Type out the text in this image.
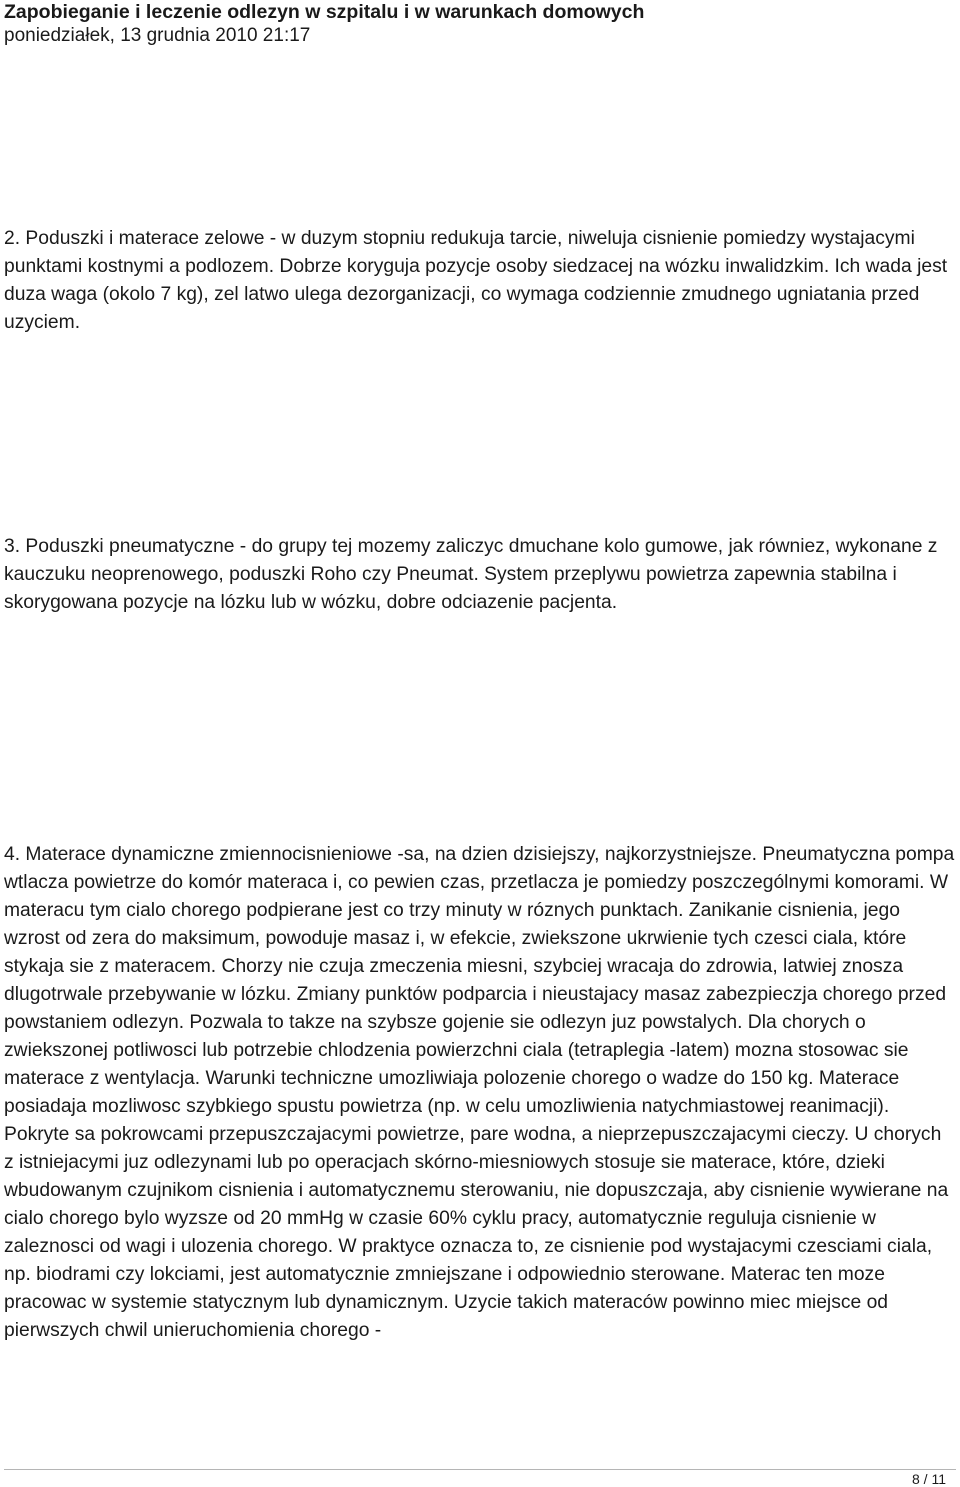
Zapobieganie i leczenie odlezyn w szpitalu i w warunkach domowych

poniedziałek, 13 grudnia 2010 21:17

2. Poduszki i materace zelowe - w duzym stopniu redukuja tarcie, niweluja cisnienie pomiedzy wystajacymi punktami kostnymi a podlozem. Dobrze koryguja pozycje osoby siedzacej na wózku inwalidzkim. Ich wada jest duza waga (okolo 7 kg), zel latwo ulega dezorganizacji, co wymaga codziennie zmudnego ugniatania przed uzyciem.

3. Poduszki pneumatyczne - do grupy tej mozemy zaliczyc dmuchane kolo gumowe, jak równiez, wykonane z kauczuku neoprenowego, poduszki Roho czy Pneumat. System przeplywu powietrza zapewnia stabilna i skorygowana pozycje na lózku lub w wózku, dobre odciazenie pacjenta.

4. Materace dynamiczne zmiennocisnieniowe -sa, na dzien dzisiejszy, najkorzystniejsze. Pneumatyczna pompa wtlacza powietrze do komór materaca i, co pewien czas, przetlacza je pomiedzy poszczególnymi komorami. W materacu tym cialo chorego podpierane jest co trzy minuty w róznych punktach. Zanikanie cisnienia, jego wzrost od zera do maksimum, powoduje masaz i, w efekcie, zwiekszone ukrwienie tych czesci ciala, które stykaja sie z materacem. Chorzy nie czuja zmeczenia miesni, szybciej wracaja do zdrowia, latwiej znosza dlugotrwale przebywanie w lózku. Zmiany punktów podparcia i nieustajacy masaz zabezpieczja chorego przed powstaniem odlezyn. Pozwala to takze na szybsze gojenie sie odlezyn juz powstalych. Dla chorych o zwiekszonej potliwosci lub potrzebie chlodzenia powierzchni ciala (tetraplegia -latem) mozna stosowac sie materace z wentylacja. Warunki techniczne umozliwiaja polozenie chorego o wadze do 150 kg. Materace posiadaja mozliwosc szybkiego spustu powietrza (np. w celu umozliwienia natychmiastowej reanimacji). Pokryte sa pokrowcami przepuszczajacymi powietrze, pare wodna, a nieprzepuszczajacymi cieczy. U chorych z istniejacymi juz odlezynami lub po operacjach skórno-miesniowych stosuje sie materace, które, dzieki wbudowanym czujnikom cisnienia i automatycznemu sterowaniu, nie dopuszczaja, aby cisnienie wywierane na cialo chorego bylo wyzsze od 20 mmHg w czasie 60% cyklu pracy, automatycznie reguluja cisnienie w zaleznosci od wagi i ulozenia chorego. W praktyce oznacza to, ze cisnienie pod wystajacymi czesciami ciala, np. biodrami czy lokciami, jest automatycznie zmniejszane i odpowiednio sterowane. Materac ten moze pracowac w systemie statycznym lub dynamicznym. Uzycie takich materaców powinno miec miejsce od pierwszych chwil unieruchomienia chorego -

8 / 11
